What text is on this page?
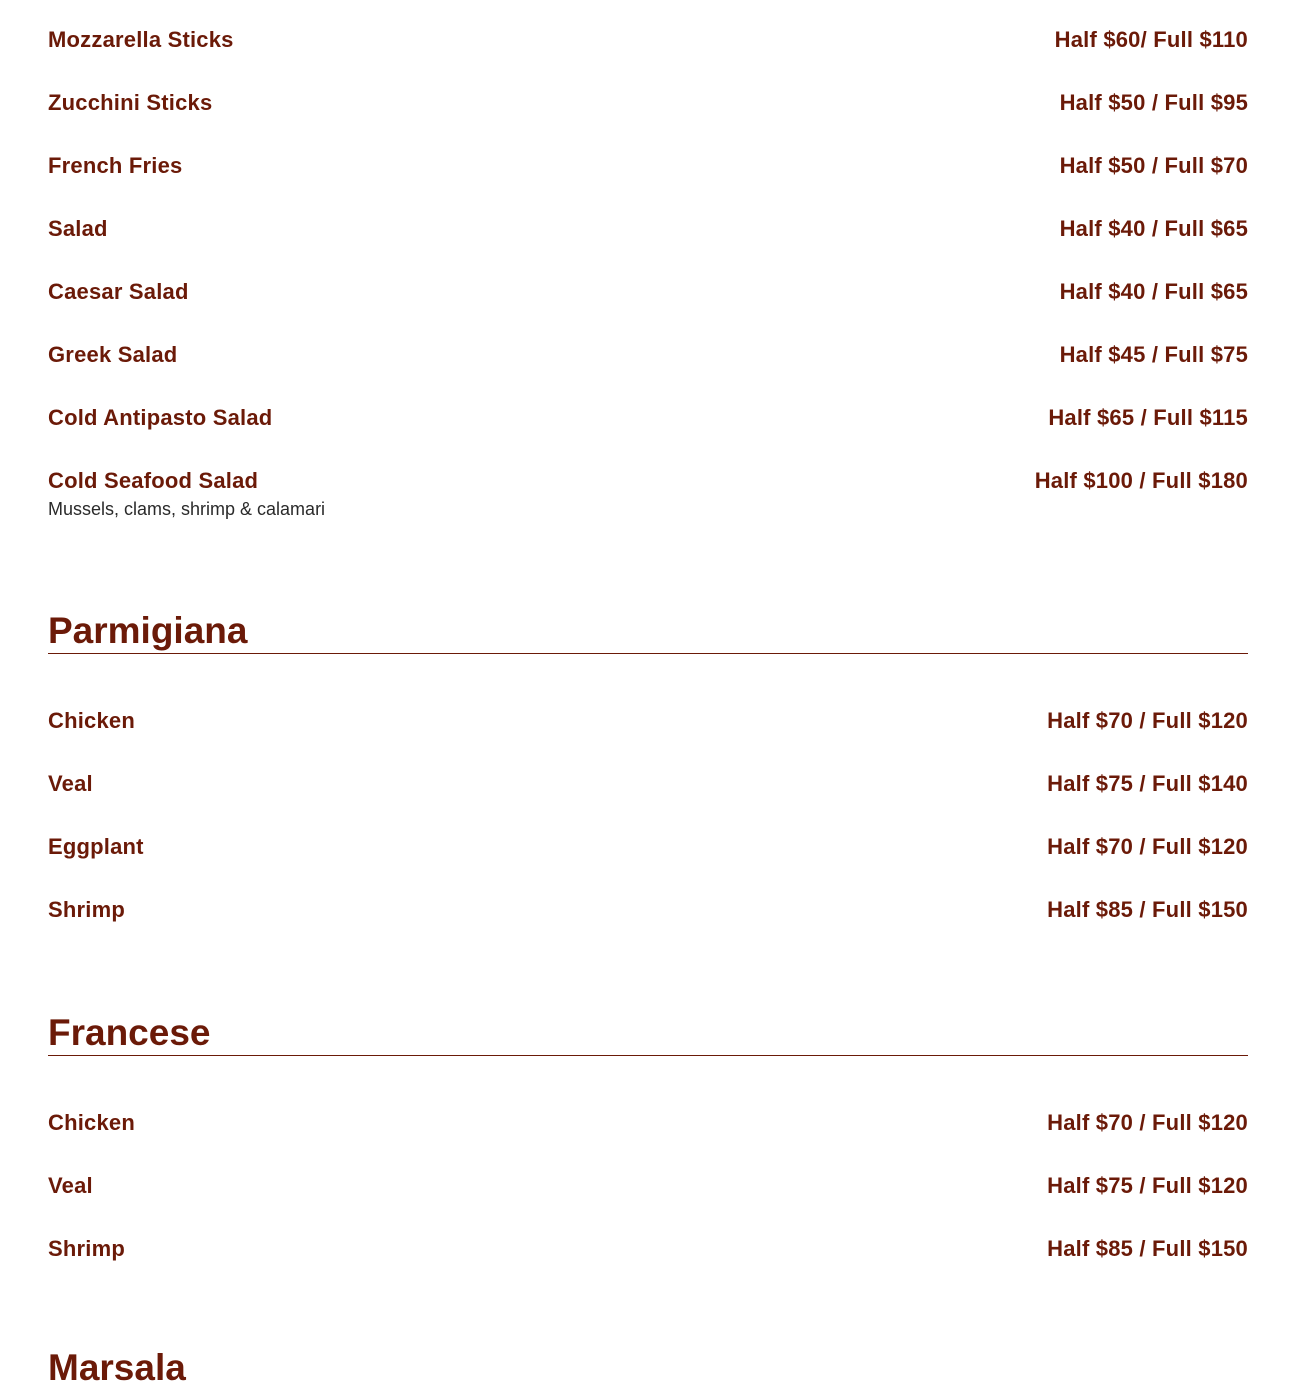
Mozzarella Sticks	Half $60/ Full $110
Zucchini Sticks	Half $50 / Full $95
French Fries	Half $50 / Full $70
Salad	Half $40 / Full $65
Caesar Salad	Half $40 / Full $65
Greek Salad	Half $45 / Full $75
Cold Antipasto Salad	Half $65 / Full $115
Cold Seafood Salad	Half $100 / Full $180
Mussels, clams, shrimp & calamari
Parmigiana
Chicken	Half $70 / Full $120
Veal	Half $75 / Full $140
Eggplant	Half $70 / Full $120
Shrimp	Half $85 / Full $150
Francese
Chicken	Half $70 / Full $120
Veal	Half $75 / Full $120
Shrimp	Half $85 / Full $150
Marsala
